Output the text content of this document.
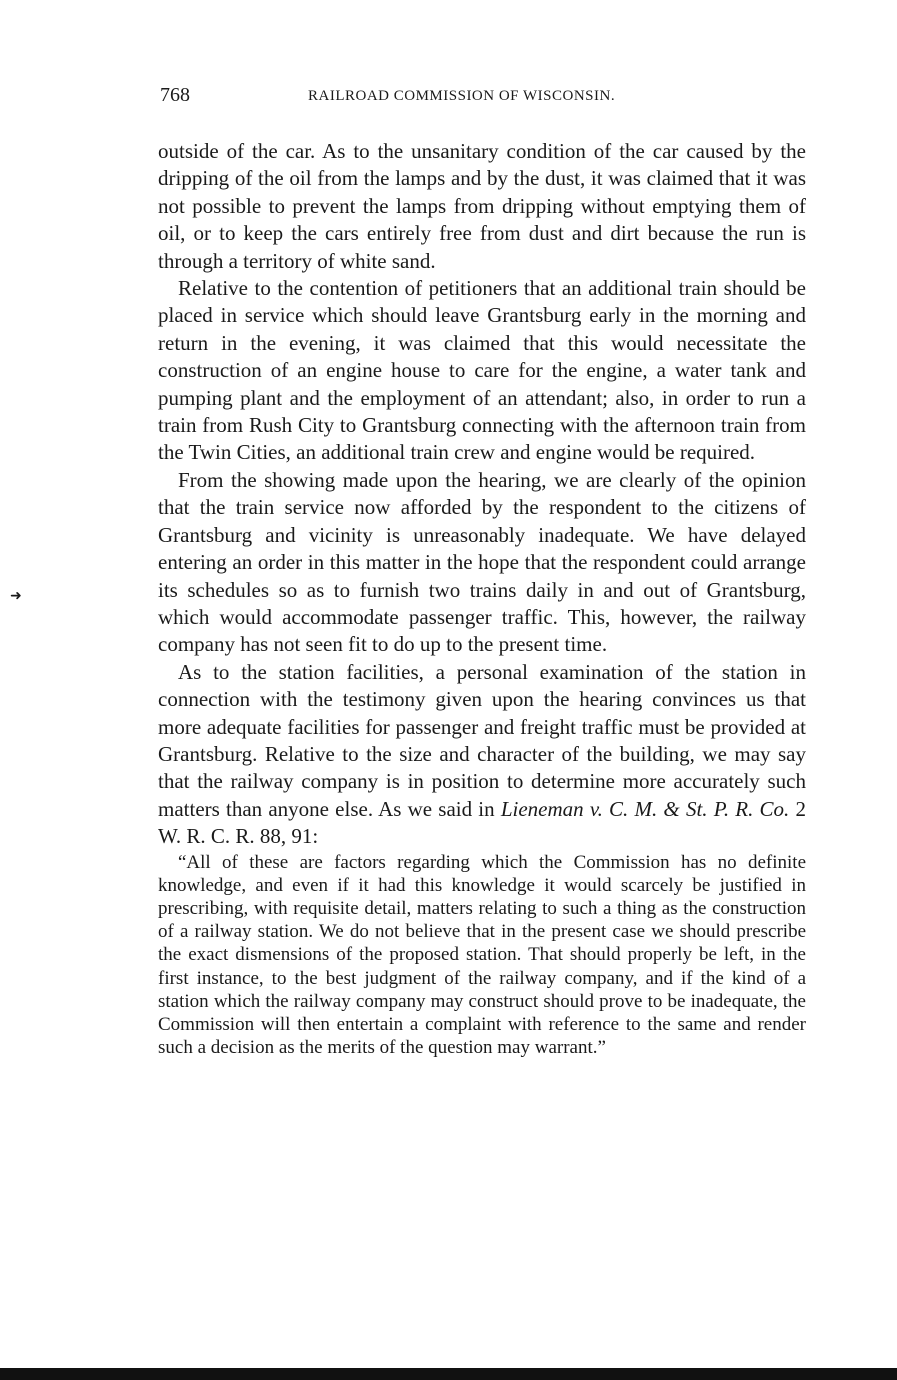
768	RAILROAD COMMISSION OF WISCONSIN.
➜

outside of the car. As to the unsanitary condition of the car caused by the dripping of the oil from the lamps and by the dust, it was claimed that it was not possible to prevent the lamps from dripping without emptying them of oil, or to keep the cars entirely free from dust and dirt because the run is through a territory of white sand.

Relative to the contention of petitioners that an additional train should be placed in service which should leave Grantsburg early in the morning and return in the evening, it was claimed that this would necessitate the construction of an engine house to care for the engine, a water tank and pumping plant and the employment of an attendant; also, in order to run a train from Rush City to Grantsburg connecting with the afternoon train from the Twin Cities, an additional train crew and engine would be required.

From the showing made upon the hearing, we are clearly of the opinion that the train service now afforded by the respondent to the citizens of Grantsburg and vicinity is unreasonably inadequate. We have delayed entering an order in this matter in the hope that the respondent could arrange its schedules so as to furnish two trains daily in and out of Grantsburg, which would accommodate passenger traffic. This, however, the railway company has not seen fit to do up to the present time.

As to the station facilities, a personal examination of the station in connection with the testimony given upon the hearing convinces us that more adequate facilities for passenger and freight traffic must be provided at Grantsburg. Relative to the size and character of the building, we may say that the railway company is in position to determine more accurately such matters than anyone else. As we said in Lieneman v. C. M. & St. P. R. Co. 2 W. R. C. R. 88, 91:

“All of these are factors regarding which the Commission has no definite knowledge, and even if it had this knowledge it would scarcely be justified in prescribing, with requisite detail, matters relating to such a thing as the construction of a railway station. We do not believe that in the present case we should prescribe the exact dismensions of the proposed station. That should properly be left, in the first instance, to the best judgment of the railway company, and if the kind of a station which the railway company may construct should prove to be inadequate, the Commission will then entertain a complaint with reference to the same and render such a decision as the merits of the question may warrant.”
